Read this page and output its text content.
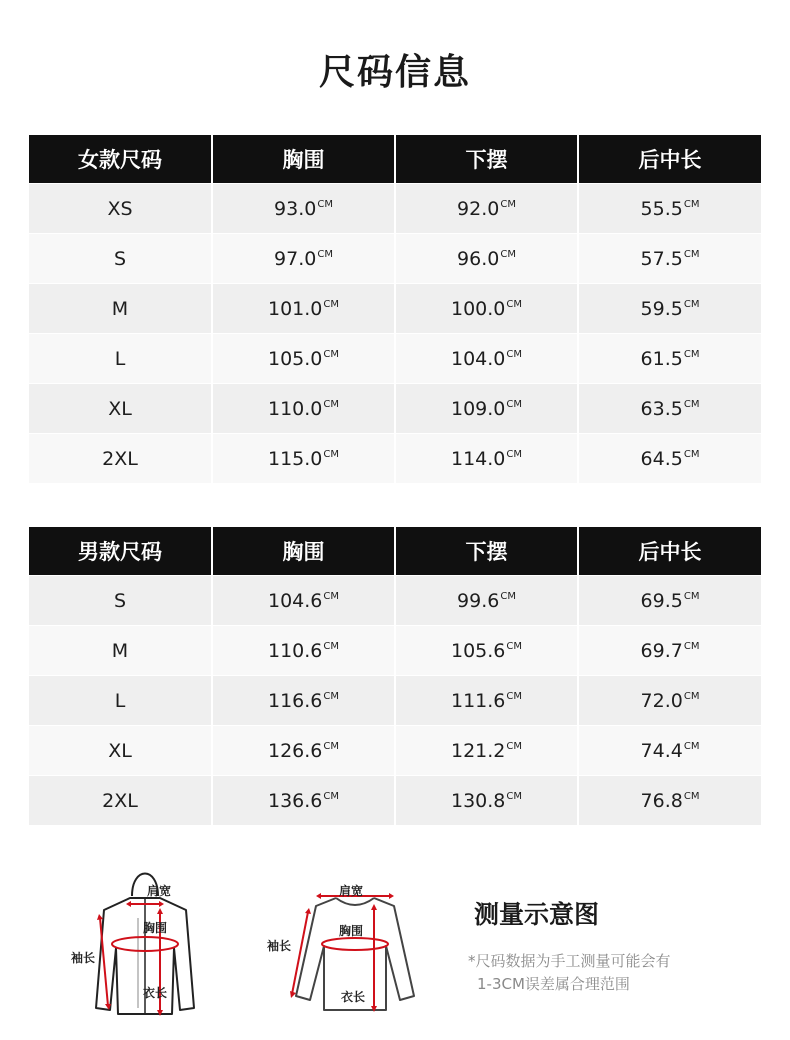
尺码信息
女款尺码	胸围	下摆	后中长
XS	$93.0^{CM}$	$92.0^{CM}$	$55.5^{CM}$
S	$97.0^{CM}$	$96.0^{CM}$	$57.5^{CM}$
M	$101.0^{CM}$	$100.0^{CM}$	$59.5^{CM}$
L	$105.0^{CM}$	$104.0^{CM}$	$61.5^{CM}$
XL	$110.0^{CM}$	$109.0^{CM}$	$63.5^{CM}$
2XL	$115.0^{CM}$	$114.0^{CM}$	$64.5^{CM}$
男款尺码	胸围	下摆	后中长
S	$104.6^{CM}$	$99.6^{CM}$	$69.5^{CM}$
M	$110.6^{CM}$	$105.6^{CM}$	$69.7^{CM}$
L	$116.6^{CM}$	$111.6^{CM}$	$72.0^{CM}$
XL	$126.6^{CM}$	$121.2^{CM}$	$74.4^{CM}$
2XL	$136.6^{CM}$	$130.8^{CM}$	$76.8^{CM}$
肩宽
胸围
袖长
衣长
肩宽
胸围
袖长
衣长
测量示意图
*尺码数据为手工测量可能会有
1-3CM误差属合理范围
